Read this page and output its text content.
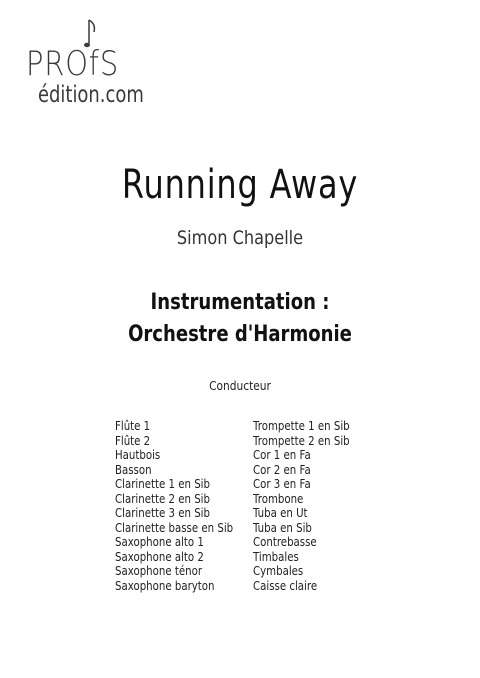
PROfS
édition.com
Running Away
Simon Chapelle
Instrumentation :
Orchestre d'Harmonie
Conducteur
Flûte 1
Flûte 2
Hautbois
Basson
Clarinette 1 en Sib
Clarinette 2 en Sib
Clarinette 3 en Sib
Clarinette basse en Sib
Saxophone alto 1
Saxophone alto 2
Saxophone ténor
Saxophone baryton
Trompette 1 en Sib
Trompette 2 en Sib
Cor 1 en Fa
Cor 2 en Fa
Cor 3 en Fa
Trombone
Tuba en Ut
Tuba en Sib
Contrebasse
Timbales
Cymbales
Caisse claire
